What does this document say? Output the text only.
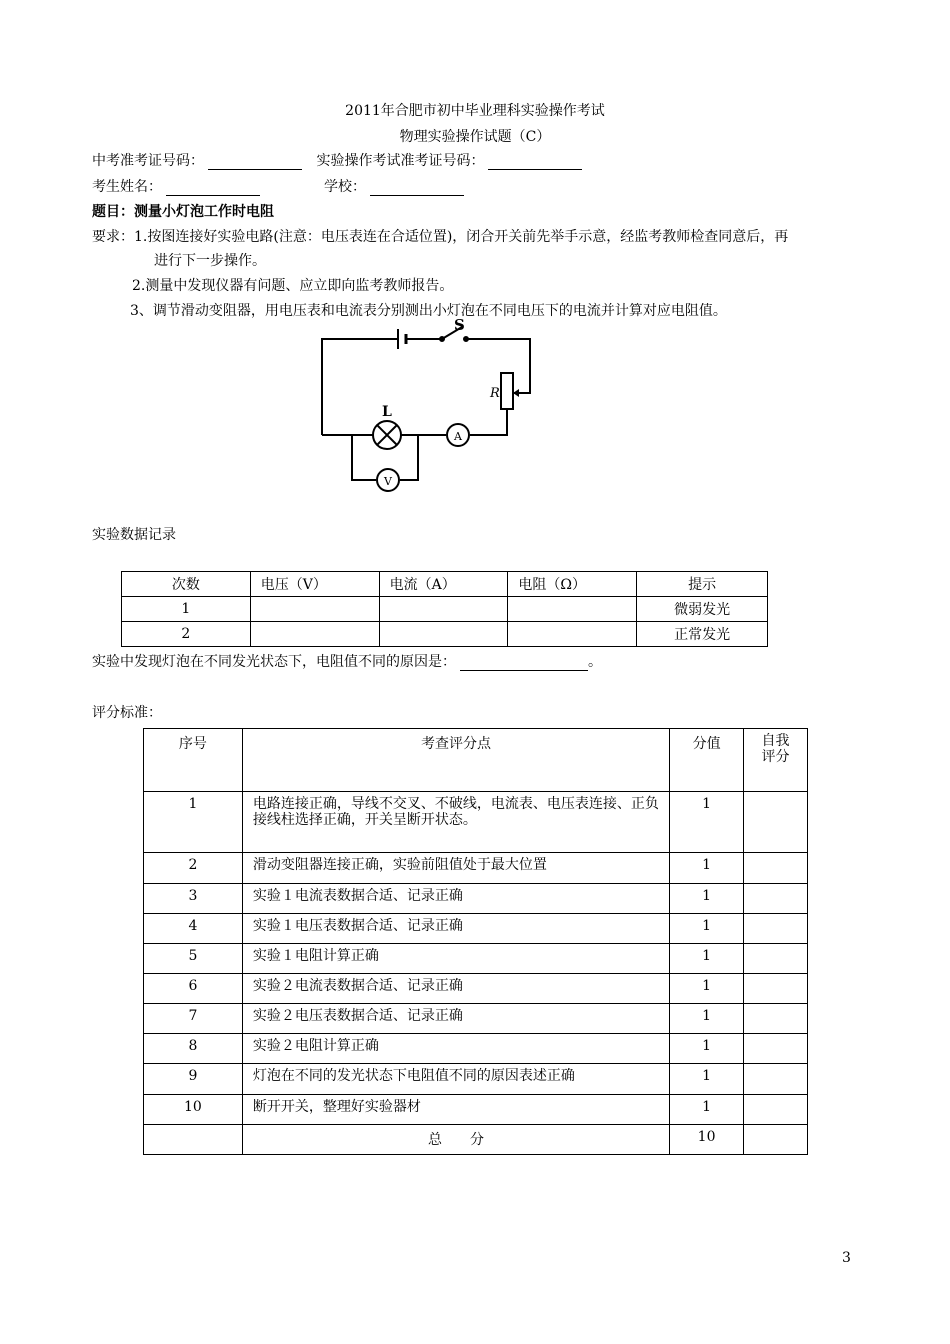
2011年合肥市初中毕业理科实验操作考试
物理实验操作试题（C）
中考准考证号码：	实验操作考试准考证号码：
考生姓名：	学校：
题目：测量小灯泡工作时电阻
要求：1.按图连接好实验电路(注意：电压表连在合适位置)，闭合开关前先举手示意，经监考教师检查同意后，再
进行下一步操作。
2.测量中发现仪器有问题、应立即向监考教师报告。
3、调节滑动变阻器，用电压表和电流表分别测出小灯泡在不同电压下的电流并计算对应电阻值。
S
R
L
A
V
实验数据记录
次数	电压（V）	电流（A）	电阻（Ω）	提示
1				微弱发光
2				正常发光
实验中发现灯泡在不同发光状态下，电阻值不同的原因是：	。
评分标准：
序号	考查评分点	分值	自我评分

1	电路连接正确，导线不交叉、不破线，电流表、电压表连接、正负接线柱选择正确，开关呈断开状态。	1	
2	滑动变阻器连接正确，实验前阻值处于最大位置	1	
3	实验１电流表数据合适、记录正确	1	
4	实验１电压表数据合适、记录正确	1	
5	实验１电阻计算正确	1	
6	实验２电流表数据合适、记录正确	1	
7	实验２电压表数据合适、记录正确	1	
8	实验２电阻计算正确	1	
9	灯泡在不同的发光状态下电阻值不同的原因表述正确	1	
10	断开开关，整理好实验器材	1	
	总　　分	10	
3
